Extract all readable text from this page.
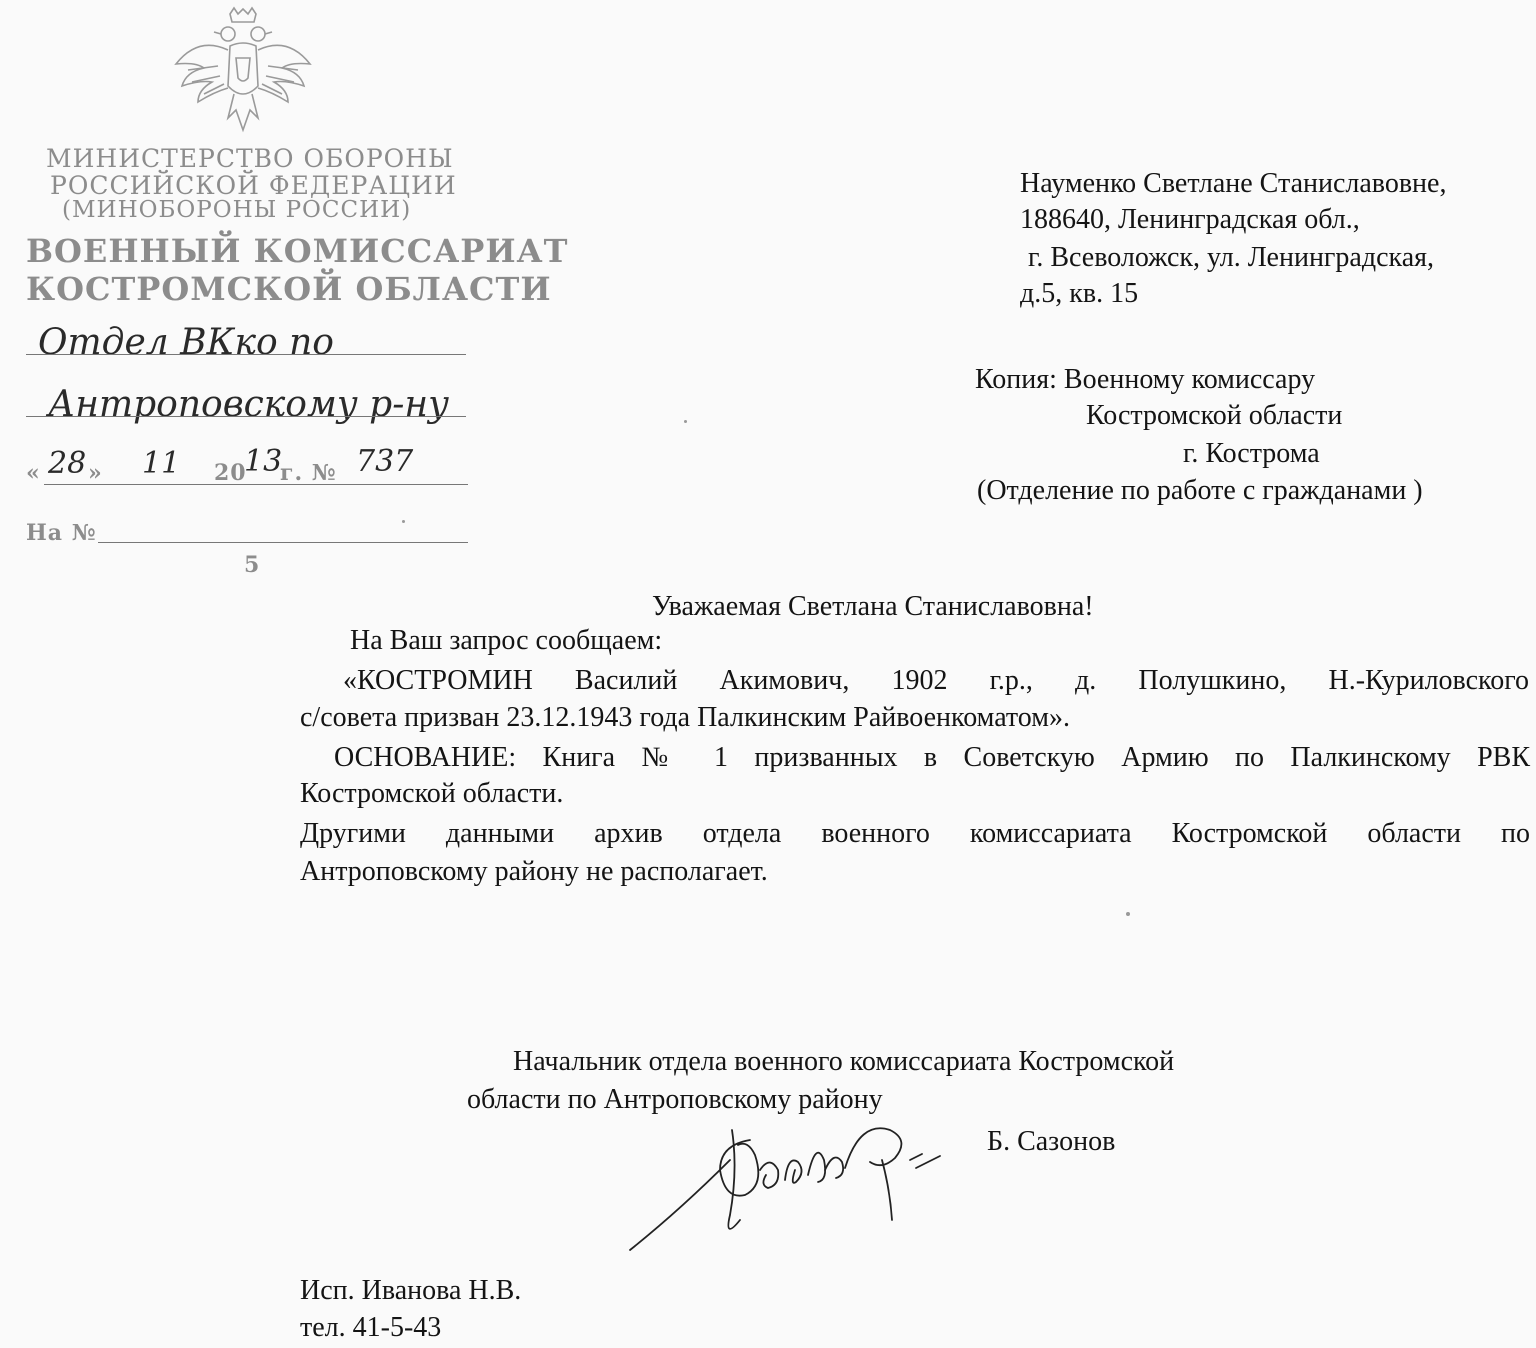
МИНИСТЕРСТВО ОБОРОНЫ
РОССИЙСКОЙ ФЕДЕРАЦИИ
(МИНОБОРОНЫ РОССИИ)
ВОЕННЫЙ КОМИССАРИАТ
КОСТРОМСКОЙ ОБЛАСТИ
Отдел ВКко по
Антроповскому р-ну
« 28 » 11 20
13
г. № 737
На №
5
Науменко Светлане Станиславовне,
188640, Ленинградская обл.,
г. Всеволожск, ул. Ленинградская,
д.5, кв. 15
Копия: Военному комиссару
Костромской области
г. Кострома
(Отделение по работе с гражданами )
Уважаемая Светлана Станиславовна!
На Ваш запрос сообщаем:
«КОСТРОМИН Василий Акимович, 1902 г.р., д. Полушкино, Н.-Куриловского
с/совета призван 23.12.1943 года Палкинским Райвоенкоматом».
ОСНОВАНИЕ: Книга № 1 призванных в Советскую Армию по Палкинскому РВК
Костромской области.
Другими данными архив отдела военного комиссариата Костромской области по
Антроповскому району не располагает.
Начальник отдела военного комиссариата Костромской
области по Антроповскому району
Б. Сазонов
Исп. Иванова Н.В.
тел. 41-5-43
